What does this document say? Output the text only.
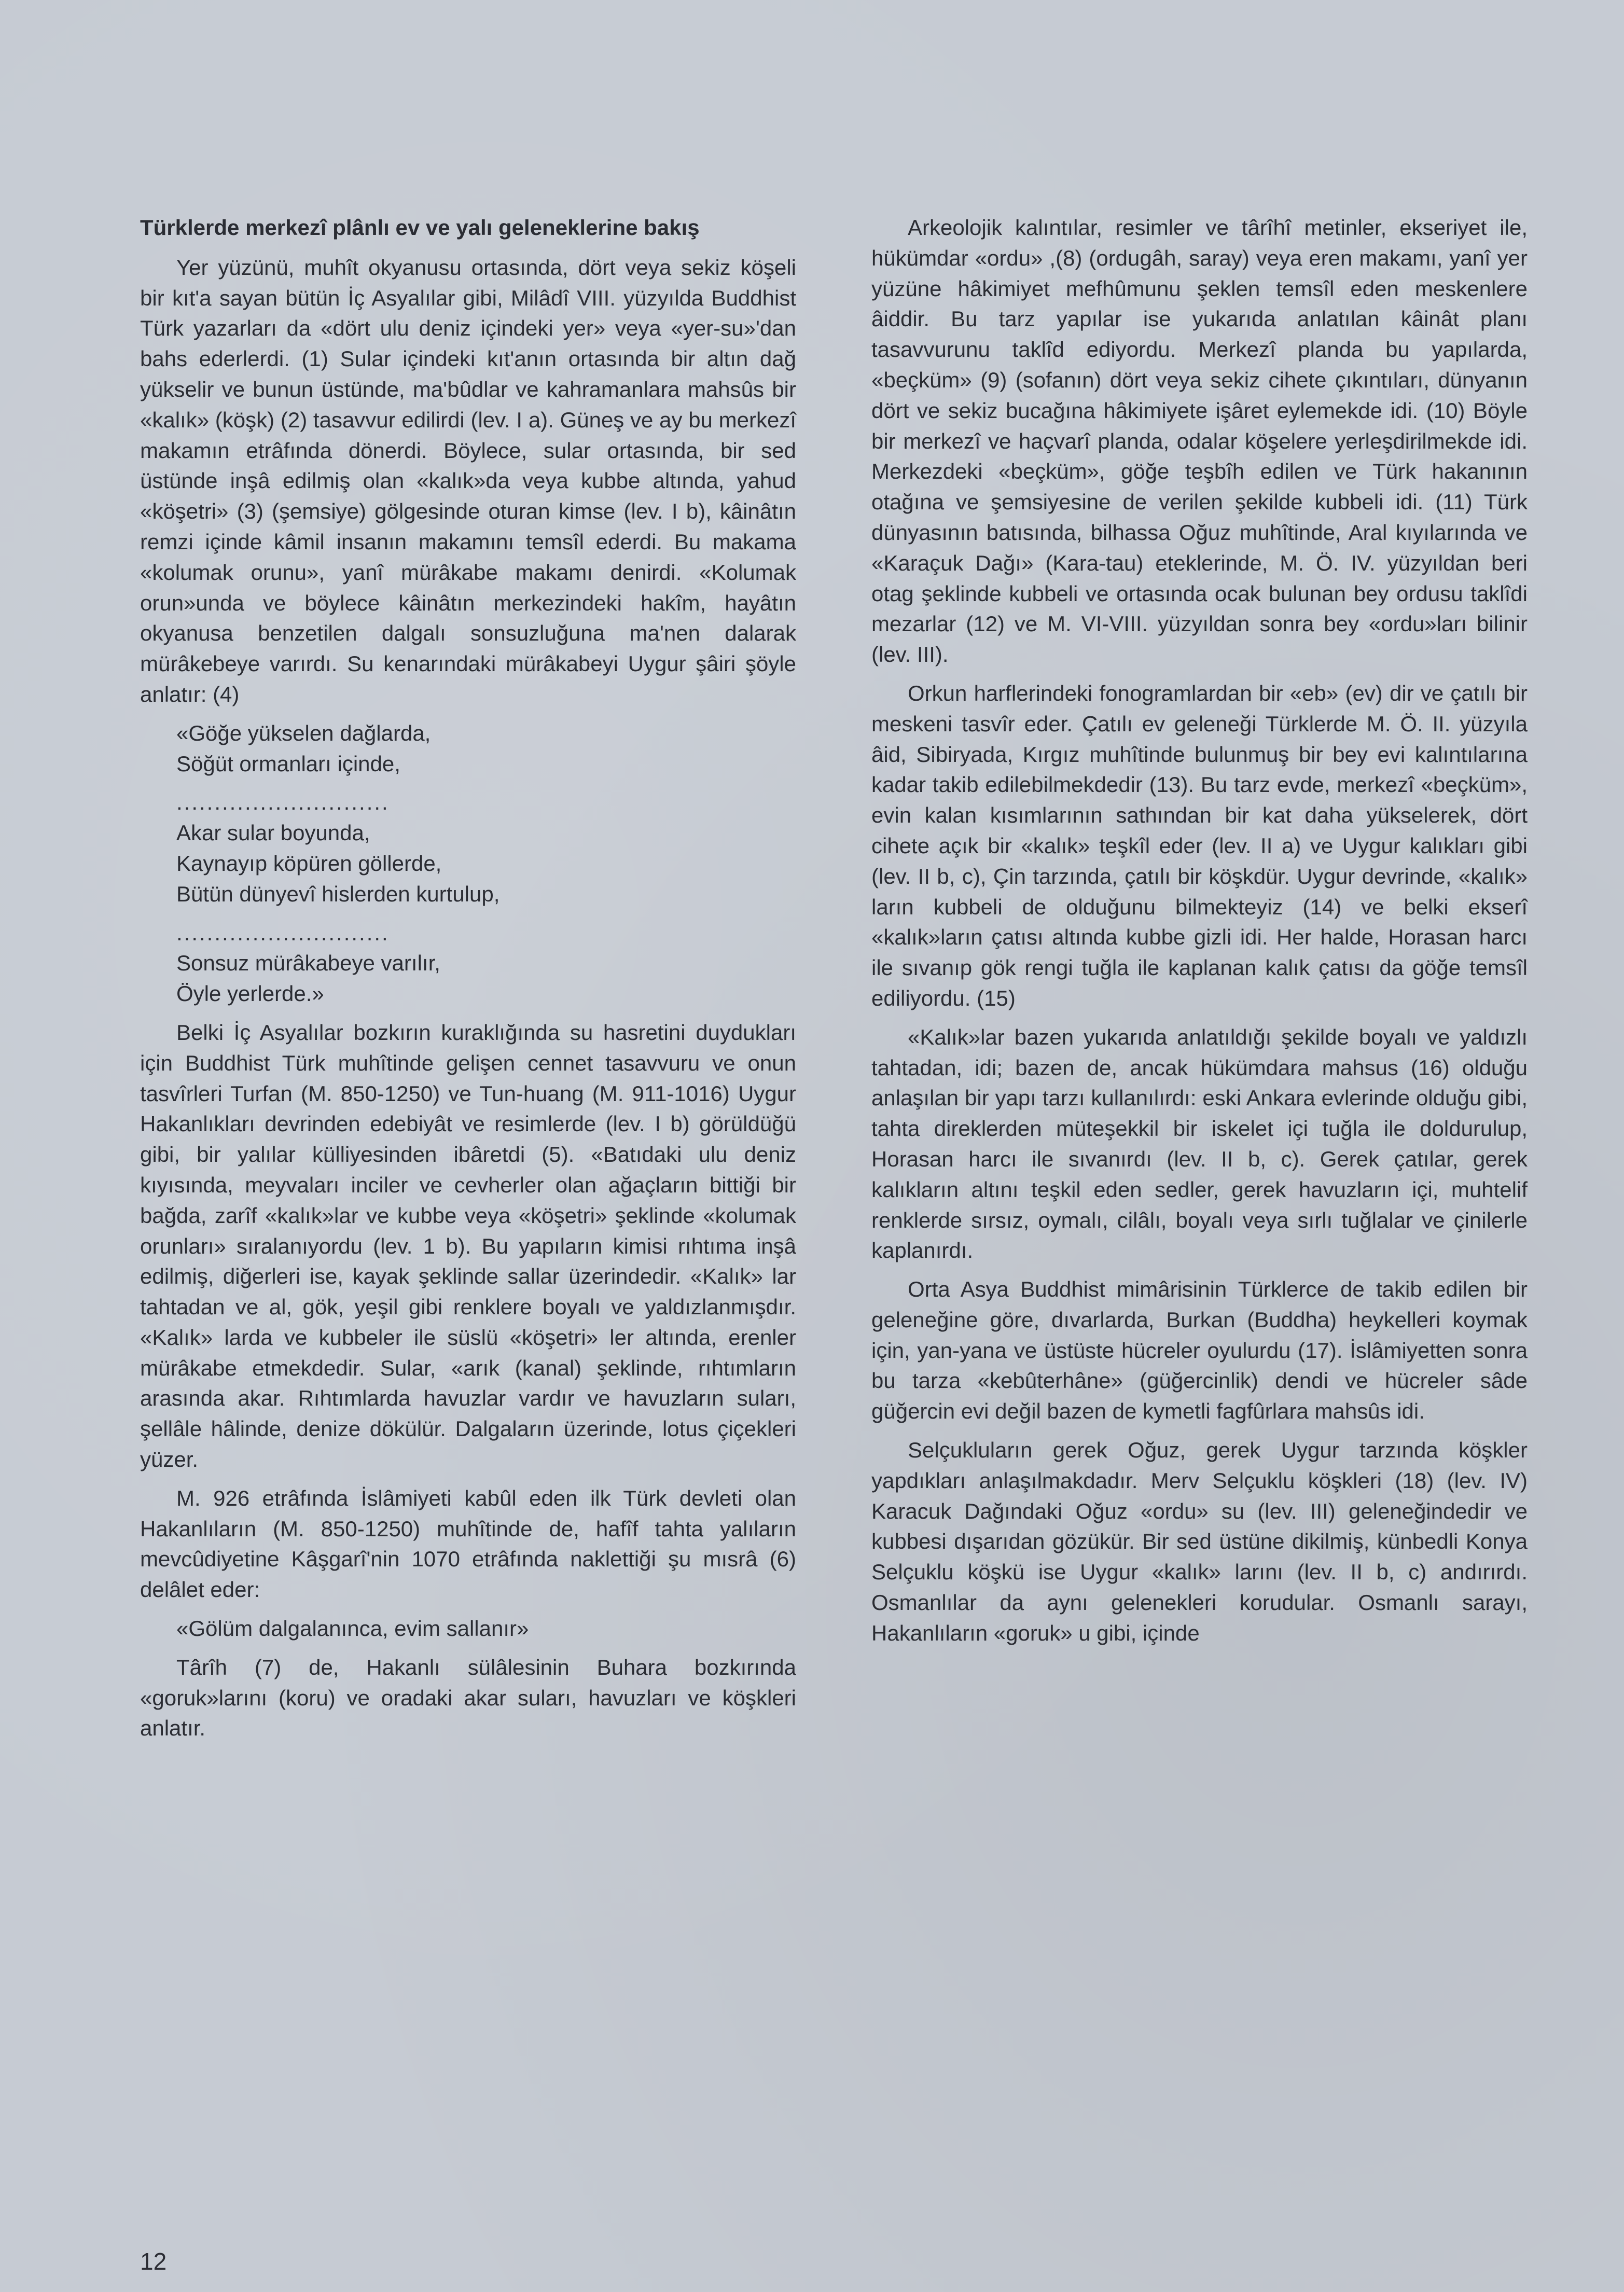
Türklerde merkezî plânlı ev ve yalı geleneklerine bakış

Yer yüzünü, muhît okyanusu ortasında, dört veya sekiz köşeli bir kıt'a sayan bütün İç Asyalılar gibi, Milâdî VIII. yüzyılda Buddhist Türk yazarları da «dört ulu deniz içindeki yer» veya «yer-su»'dan bahs ederlerdi. (1) Sular içindeki kıt'anın ortasında bir altın dağ yükselir ve bunun üstünde, ma'bûdlar ve kahramanlara mahsûs bir «kalık» (köşk) (2) tasavvur edilirdi (lev. I a). Güneş ve ay bu merkezî makamın etrâfında dönerdi. Böylece, sular ortasında, bir sed üstünde inşâ edilmiş olan «kalık»da veya kubbe altında, yahud «köşetri» (3) (şemsiye) gölgesinde oturan kimse (lev. I b), kâinâtın remzi içinde kâmil insanın makamını temsîl ederdi. Bu makama «kolumak orunu», yanî mürâkabe makamı denirdi. «Kolumak orun»unda ve böylece kâinâtın merkezindeki hakîm, hayâtın okyanusa benzetilen dalgalı sonsuzluğuna ma'nen dalarak mürâkebeye varırdı. Su kenarındaki mürâkabeyi Uygur şâiri şöyle anlatır: (4)

«Göğe yükselen dağlarda,
Söğüt ormanları içinde,
............................
Akar sular boyunda,
Kaynayıp köpüren göllerde,
Bütün dünyevî hislerden kurtulup,
............................
Sonsuz mürâkabeye varılır,
Öyle yerlerde.»

Belki İç Asyalılar bozkırın kuraklığında su hasretini duydukları için Buddhist Türk muhîtinde gelişen cennet tasavvuru ve onun tasvîrleri Turfan (M. 850-1250) ve Tun-huang (M. 911-1016) Uygur Hakanlıkları devrinden edebiyât ve resimlerde (lev. I b) görüldüğü gibi, bir yalılar külliyesinden ibâretdi (5). «Batıdaki ulu deniz kıyısında, meyvaları inciler ve cevherler olan ağaçların bittiği bir bağda, zarîf «kalık»lar ve kubbe veya «köşetri» şeklinde «kolumak orunları» sıralanıyordu (lev. 1 b). Bu yapıların kimisi rıhtıma inşâ edilmiş, diğerleri ise, kayak şeklinde sallar üzerindedir. «Kalık» lar tahtadan ve al, gök, yeşil gibi renklere boyalı ve yaldızlanmışdır. «Kalık» larda ve kubbeler ile süslü «köşetri» ler altında, erenler mürâkabe etmekdedir. Sular, «arık (kanal) şeklinde, rıhtımların arasında akar. Rıhtımlarda havuzlar vardır ve havuzların suları, şellâle hâlinde, denize dökülür. Dalgaların üzerinde, lotus çiçekleri yüzer.

M. 926 etrâfında İslâmiyeti kabûl eden ilk Türk devleti olan Hakanlıların (M. 850-1250) muhîtinde de, hafîf tahta yalıların mevcûdiyetine Kâşgarî'nin 1070 etrâfında naklettiği şu mısrâ (6) delâlet eder:

«Gölüm dalgalanınca, evim sallanır»

Târîh (7) de, Hakanlı sülâlesinin Buhara bozkırında «goruk»larını (koru) ve oradaki akar suları, havuzları ve köşkleri anlatır.

Arkeolojik kalıntılar, resimler ve târîhî metinler, ekseriyet ile, hükümdar «ordu» ,(8) (ordugâh, saray) veya eren makamı, yanî yer yüzüne hâkimiyet mefhûmunu şeklen temsîl eden meskenlere âiddir. Bu tarz yapılar ise yukarıda anlatılan kâinât planı tasavvurunu taklîd ediyordu. Merkezî planda bu yapılarda, «beçküm» (9) (sofanın) dört veya sekiz cihete çıkıntıları, dünyanın dört ve sekiz bucağına hâkimiyete işâret eylemekde idi. (10) Böyle bir merkezî ve haçvarî planda, odalar köşelere yerleşdirilmekde idi. Merkezdeki «beçküm», göğe teşbîh edilen ve Türk hakanının otağına ve şemsiyesine de verilen şekilde kubbeli idi. (11) Türk dünyasının batısında, bilhassa Oğuz muhîtinde, Aral kıyılarında ve «Karaçuk Dağı» (Kara-tau) eteklerinde, M. Ö. IV. yüzyıldan beri otag şeklinde kubbeli ve ortasında ocak bulunan bey ordusu taklîdi mezarlar (12) ve M. VI-VIII. yüzyıldan sonra bey «ordu»ları bilinir (lev. III).

Orkun harflerindeki fonogramlardan bir «eb» (ev) dir ve çatılı bir meskeni tasvîr eder. Çatılı ev geleneği Türklerde M. Ö. II. yüzyıla âid, Sibiryada, Kırgız muhîtinde bulunmuş bir bey evi kalıntılarına kadar takib edilebilmekdedir (13). Bu tarz evde, merkezî «beçküm», evin kalan kısımlarının sathından bir kat daha yükselerek, dört cihete açık bir «kalık» teşkîl eder (lev. II a) ve Uygur kalıkları gibi (lev. II b, c), Çin tarzında, çatılı bir köşkdür. Uygur devrinde, «kalık» ların kubbeli de olduğunu bilmekteyiz (14) ve belki ekserî «kalık»ların çatısı altında kubbe gizli idi. Her halde, Horasan harcı ile sıvanıp gök rengi tuğla ile kaplanan kalık çatısı da göğe temsîl ediliyordu. (15)

«Kalık»lar bazen yukarıda anlatıldığı şekilde boyalı ve yaldızlı tahtadan, idi; bazen de, ancak hükümdara mahsus (16) olduğu anlaşılan bir yapı tarzı kullanılırdı: eski Ankara evlerinde olduğu gibi, tahta direklerden müteşekkil bir iskelet içi tuğla ile doldurulup, Horasan harcı ile sıvanırdı (lev. II b, c). Gerek çatılar, gerek kalıkların altını teşkil eden sedler, gerek havuzların içi, muhtelif renklerde sırsız, oymalı, cilâlı, boyalı veya sırlı tuğlalar ve çinilerle kaplanırdı.

Orta Asya Buddhist mimârisinin Türklerce de takib edilen bir geleneğine göre, dıvarlarda, Burkan (Buddha) heykelleri koymak için, yan-yana ve üstüste hücreler oyulurdu (17). İslâmiyetten sonra bu tarza «kebûterhâne» (güğercinlik) dendi ve hücreler sâde güğercin evi değil bazen de kymetli fagfûrlara mahsûs idi.

Selçukluların gerek Oğuz, gerek Uygur tarzında köşkler yapdıkları anlaşılmakdadır. Merv Selçuklu köşkleri (18) (lev. IV) Karacuk Dağındaki Oğuz «ordu» su (lev. III) geleneğindedir ve kubbesi dışarıdan gözükür. Bir sed üstüne dikilmiş, künbedli Konya Selçuklu köşkü ise Uygur «kalık» larını (lev. II b, c) andırırdı. Osmanlılar da aynı gelenekleri korudular. Osmanlı sarayı, Hakanlıların «goruk» u gibi, içinde

12
